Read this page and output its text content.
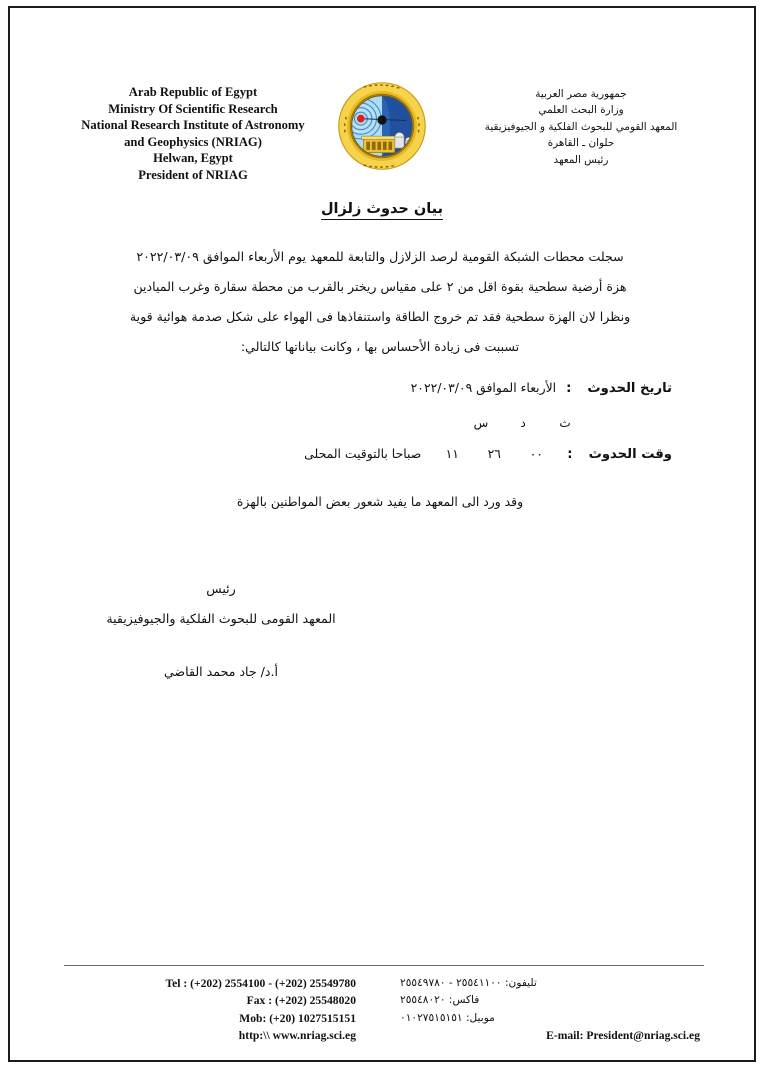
Arab Republic of Egypt
Ministry Of Scientific Research
National Research Institute of Astronomy
and Geophysics (NRIAG)
Helwan, Egypt
President of NRIAG
جمهورية مصر العربية
وزارة البحث العلمي
المعهد القومي للبحوث الفلكية و الجيوفيزيقية
حلوان ـ القاهرة
رئيس المعهد
بيان حدوث زلزال
سجلت محطات الشبكة القومية لرصد الزلازل والتابعة للمعهد يوم الأربعاء الموافق ٢٠٢٢/٠٣/٠٩
هزة أرضية سطحية بقوة اقل من ٢ على مقياس ريختر بالقرب من محطة سقارة وغرب الميادين
ونظرا لان الهزة سطحية فقد تم خروج الطاقة واستنفاذها فى الهواء على شكل صدمة هوائية قوية
تسببت فى زيادة الأحساس بها ، وكانت بياناتها كالتالي:
تاريخ الحدوث
:
الأربعاء الموافق ٢٠٢٢/٠٣/٠٩
ث
د
س
وقت الحدوث
:
٠٠
٢٦
١١
صباحا بالتوقيت المحلى
وقد ورد الى المعهد ما يفيد شعور بعض المواطنين بالهزة
رئيس
المعهد القومى للبحوث الفلكية والجيوفيزيقية
أ.د/ جاد محمد القاضي
Tel : (+202) 2554100 - (+202) 25549780
Fax : (+202) 25548020
Mob: (+20) 1027515151
http:\\ www.nriag.sci.eg
تليفون: ٢٥٥٤١١٠٠ - ٢٥٥٤٩٧٨٠
فاكس: ٢٥٥٤٨٠٢٠
موبيل: ٠١٠٢٧٥١٥١٥١
E-mail: President@nriag.sci.eg
